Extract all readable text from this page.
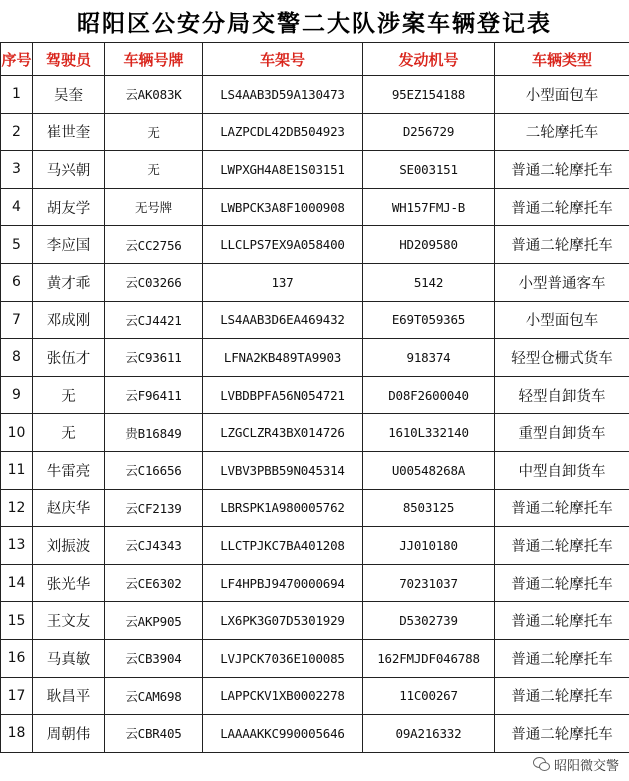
昭阳区公安分局交警二大队涉案车辆登记表
序号	驾驶员	车辆号牌	车架号	发动机号	车辆类型
1	吴奎	云AK083K	LS4AAB3D59A130473	95EZ154188	小型面包车
2	崔世奎	无	LAZPCDL42DB504923	D256729	二轮摩托车
3	马兴朝	无	LWPXGH4A8E1S03151	SE003151	普通二轮摩托车
4	胡友学	无号牌	LWBPCK3A8F1000908	WH157FMJ-B	普通二轮摩托车
5	李应国	云CC2756	LLCLPS7EX9A058400	HD209580	普通二轮摩托车
6	黄才乖	云C03266	137	5142	小型普通客车
7	邓成刚	云CJ4421	LS4AAB3D6EA469432	E69T059365	小型面包车
8	张伍才	云C93611	LFNA2KB489TA9903	918374	轻型仓栅式货车
9	无	云F96411	LVBDBPFA56N054721	D08F2600040	轻型自卸货车
10	无	贵B16849	LZGCLZR43BX014726	1610L332140	重型自卸货车
11	牛雷亮	云C16656	LVBV3PBB59N045314	U00548268A	中型自卸货车
12	赵庆华	云CF2139	LBRSPK1A980005762	8503125	普通二轮摩托车
13	刘振波	云CJ4343	LLCTPJKC7BA401208	JJ010180	普通二轮摩托车
14	张光华	云CE6302	LF4HPBJ9470000694	70231037	普通二轮摩托车
15	王文友	云AKP905	LX6PK3G07D5301929	D5302739	普通二轮摩托车
16	马真敏	云CB3904	LVJPCK7036E100085	162FMJDF046788	普通二轮摩托车
17	耿昌平	云CAM698	LAPPCKV1XB0002278	11C00267	普通二轮摩托车
18	周朝伟	云CBR405	LAAAAKKC990005646	09A216332	普通二轮摩托车
昭阳微交警
